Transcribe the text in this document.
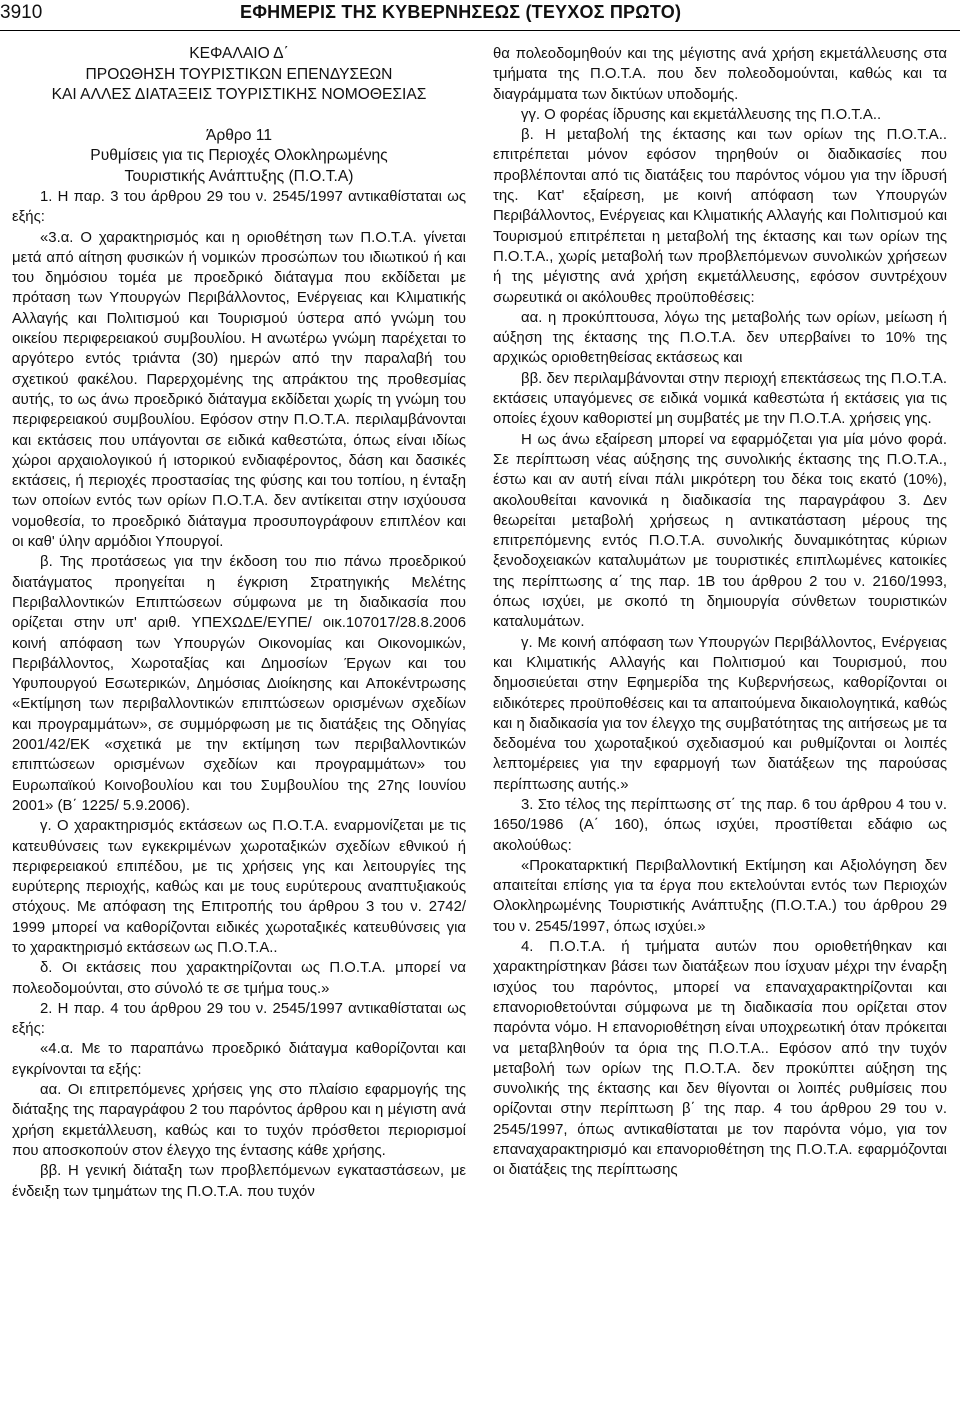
3910	ΕΦΗΜΕΡΙΣ ΤΗΣ ΚΥΒΕΡΝΗΣΕΩΣ (ΤΕΥΧΟΣ ΠΡΩΤΟ)
ΚΕΦΑΛΑΙΟ Δ΄
ΠΡΟΩΘΗΣΗ ΤΟΥΡΙΣΤΙΚΩΝ ΕΠΕΝΔΥΣΕΩΝ
ΚΑΙ ΑΛΛΕΣ ΔΙΑΤΑΞΕΙΣ ΤΟΥΡΙΣΤΙΚΗΣ ΝΟΜΟΘΕΣΙΑΣ
Άρθρο 11
Ρυθμίσεις για τις Περιοχές Ολοκληρωμένης
Τουριστικής Ανάπτυξης (Π.Ο.Τ.Α)

1. Η παρ. 3 του άρθρου 29 του ν. 2545/1997 αντικαθίσταται ως εξής:

«3.α. Ο χαρακτηρισμός και η οριοθέτηση των Π.Ο.Τ.Α. γίνεται μετά από αίτηση φυσικών ή νομικών προσώπων του ιδιωτικού ή και του δημόσιου τομέα με προεδρικό διάταγμα που εκδίδεται με πρόταση των Υπουργών Περιβάλλοντος, Ενέργειας και Κλιματικής Αλλαγής και Πολιτισμού και Τουρισμού ύστερα από γνώμη του οικείου περιφερειακού συμβουλίου. Η ανωτέρω γνώμη παρέχεται το αργότερο εντός τριάντα (30) ημερών από την παραλαβή του σχετικού φακέλου. Παρερχομένης της απράκτου της προθεσμίας αυτής, το ως άνω προεδρικό διάταγμα εκδίδεται χωρίς τη γνώμη του περιφερειακού συμβουλίου. Εφόσον στην Π.Ο.Τ.Α. περιλαμβάνονται και εκτάσεις που υπάγονται σε ειδικά καθεστώτα, όπως είναι ιδίως χώροι αρχαιολογικού ή ιστορικού ενδιαφέροντος, δάση και δασικές εκτάσεις, ή περιοχές προστασίας της φύσης και του τοπίου, η ένταξη των οποίων εντός των ορίων Π.Ο.Τ.Α. δεν αντίκειται στην ισχύουσα νομοθεσία, το προεδρικό διάταγμα προσυπογράφουν επιπλέον και οι καθ' ύλην αρμόδιοι Υπουργοί.

β. Της προτάσεως για την έκδοση του πιο πάνω προεδρικού διατάγματος προηγείται η έγκριση Στρατηγικής Μελέτης Περιβαλλοντικών Επιπτώσεων σύμφωνα με τη διαδικασία που ορίζεται στην υπ' αριθ. ΥΠΕΧΩΔΕ/ΕΥΠΕ/ οικ.107017/28.8.2006 κοινή απόφαση των Υπουργών Οικονομίας και Οικονομικών, Περιβάλλοντος, Χωροταξίας και Δημοσίων Έργων και του Υφυπουργού Εσωτερικών, Δημόσιας Διοίκησης και Αποκέντρωσης «Εκτίμηση των περιβαλλοντικών επιπτώσεων ορισμένων σχεδίων και προγραμμάτων», σε συμμόρφωση με τις διατάξεις της Οδηγίας 2001/42/ΕΚ «σχετικά με την εκτίμηση των περιβαλλοντικών επιπτώσεων ορισμένων σχεδίων και προγραμμάτων» του Ευρωπαϊκού Κοινοβουλίου και του Συμβουλίου της 27ης Ιουνίου 2001» (Β΄ 1225/ 5.9.2006).

γ. Ο χαρακτηρισμός εκτάσεων ως Π.Ο.Τ.Α. εναρμονίζεται με τις κατευθύνσεις των εγκεκριμένων χωροταξικών σχεδίων εθνικού ή περιφερειακού επιπέδου, με τις χρήσεις γης και λειτουργίες της ευρύτερης περιοχής, καθώς και με τους ευρύτερους αναπτυξιακούς στόχους. Με απόφαση της Επιτροπής του άρθρου 3 του ν. 2742/ 1999 μπορεί να καθορίζονται ειδικές χωροταξικές κατευθύνσεις για το χαρακτηρισμό εκτάσεων ως Π.Ο.Τ.Α..

δ. Οι εκτάσεις που χαρακτηρίζονται ως Π.Ο.Τ.Α. μπορεί να πολεοδομούνται, στο σύνολό τε σε τμήμα τους.»

2. Η παρ. 4 του άρθρου 29 του ν. 2545/1997 αντικαθίσταται ως εξής:

«4.α. Με το παραπάνω προεδρικό διάταγμα καθορίζονται και εγκρίνονται τα εξής:

αα. Οι επιτρεπόμενες χρήσεις γης στο πλαίσιο εφαρμογής της διάταξης της παραγράφου 2 του παρόντος άρθρου και η μέγιστη ανά χρήση εκμετάλλευση, καθώς και το τυχόν πρόσθετοι περιορισμοί που αποσκοπούν στον έλεγχο της έντασης κάθε χρήσης.

ββ. Η γενική διάταξη των προβλεπόμενων εγκαταστάσεων, με ένδειξη των τμημάτων της Π.Ο.Τ.Α. που τυχόν

θα πολεοδομηθούν και της μέγιστης ανά χρήση εκμετάλλευσης στα τμήματα της Π.Ο.Τ.Α. που δεν πολεοδομούνται, καθώς και τα διαγράμματα των δικτύων υποδομής.

γγ. Ο φορέας ίδρυσης και εκμετάλλευσης της Π.Ο.Τ.Α..

β. Η μεταβολή της έκτασης και των ορίων της Π.Ο.Τ.Α.. επιτρέπεται μόνον εφόσον τηρηθούν οι διαδικασίες που προβλέπονται από τις διατάξεις του παρόντος νόμου για την ίδρυσή της. Κατ' εξαίρεση, με κοινή απόφαση των Υπουργών Περιβάλλοντος, Ενέργειας και Κλιματικής Αλλαγής και Πολιτισμού και Τουρισμού επιτρέπεται η μεταβολή της έκτασης και των ορίων της Π.Ο.Τ.Α., χωρίς μεταβολή των προβλεπόμενων συνολικών χρήσεων ή της μέγιστης ανά χρήση εκμετάλλευσης, εφόσον συντρέχουν σωρευτικά οι ακόλουθες προϋποθέσεις:

αα. η προκύπτουσα, λόγω της μεταβολής των ορίων, μείωση ή αύξηση της έκτασης της Π.Ο.Τ.Α. δεν υπερβαίνει το 10% της αρχικώς οριοθετηθείσας εκτάσεως και

ββ. δεν περιλαμβάνονται στην περιοχή επεκτάσεως της Π.Ο.Τ.Α. εκτάσεις υπαγόμενες σε ειδικά νομικά καθεστώτα ή εκτάσεις για τις οποίες έχουν καθοριστεί μη συμβατές με την Π.Ο.Τ.Α. χρήσεις γης.

Η ως άνω εξαίρεση μπορεί να εφαρμόζεται για μία μόνο φορά. Σε περίπτωση νέας αύξησης της συνολικής έκτασης της Π.Ο.Τ.Α., έστω και αν αυτή είναι πάλι μικρότερη του δέκα τοις εκατό (10%), ακολουθείται κανονικά η διαδικασία της παραγράφου 3. Δεν θεωρείται μεταβολή χρήσεως η αντικατάσταση μέρους της επιτρεπόμενης εντός Π.Ο.Τ.Α. συνολικής δυναμικότητας κύριων ξενοδοχειακών καταλυμάτων με τουριστικές επιπλωμένες κατοικίες της περίπτωσης α΄ της παρ. 1Β του άρθρου 2 του ν. 2160/1993, όπως ισχύει, με σκοπό τη δημιουργία σύνθετων τουριστικών καταλυμάτων.

γ. Με κοινή απόφαση των Υπουργών Περιβάλλοντος, Ενέργειας και Κλιματικής Αλλαγής και Πολιτισμού και Τουρισμού, που δημοσιεύεται στην Εφημερίδα της Κυβερνήσεως, καθορίζονται οι ειδικότερες προϋποθέσεις και τα απαιτούμενα δικαιολογητικά, καθώς και η διαδικασία για τον έλεγχο της συμβατότητας της αιτήσεως με τα δεδομένα του χωροταξικού σχεδιασμού και ρυθμίζονται οι λοιπές λεπτομέρειες για την εφαρμογή των διατάξεων της παρούσας περίπτωσης αυτής.»

3. Στο τέλος της περίπτωσης στ΄ της παρ. 6 του άρθρου 4 του ν. 1650/1986 (Α΄ 160), όπως ισχύει, προστίθεται εδάφιο ως ακολούθως:

«Προκαταρκτική Περιβαλλοντική Εκτίμηση και Αξιολόγηση δεν απαιτείται επίσης για τα έργα που εκτελούνται εντός των Περιοχών Ολοκληρωμένης Τουριστικής Ανάπτυξης (Π.Ο.Τ.Α.) του άρθρου 29 του ν. 2545/1997, όπως ισχύει.»

4. Π.Ο.Τ.Α. ή τμήματα αυτών που οριοθετήθηκαν και χαρακτηρίστηκαν βάσει των διατάξεων που ίσχυαν μέχρι την έναρξη ισχύος του παρόντος, μπορεί να επαναχαρακτηρίζονται και επανοριοθετούνται σύμφωνα με τη διαδικασία που ορίζεται στον παρόντα νόμο. Η επανοριοθέτηση είναι υποχρεωτική όταν πρόκειται να μεταβληθούν τα όρια της Π.Ο.Τ.Α.. Εφόσον από την τυχόν μεταβολή των ορίων της Π.Ο.Τ.Α. δεν προκύπτει αύξηση της συνολικής της έκτασης και δεν θίγονται οι λοιπές ρυθμίσεις που ορίζονται στην περίπτωση β΄ της παρ. 4 του άρθρου 29 του ν. 2545/1997, όπως αντικαθίσταται με τον παρόντα νόμο, για τον επαναχαρακτηρισμό και επανοριοθέτηση της Π.Ο.Τ.Α. εφαρμόζονται οι διατάξεις της περίπτωσης
